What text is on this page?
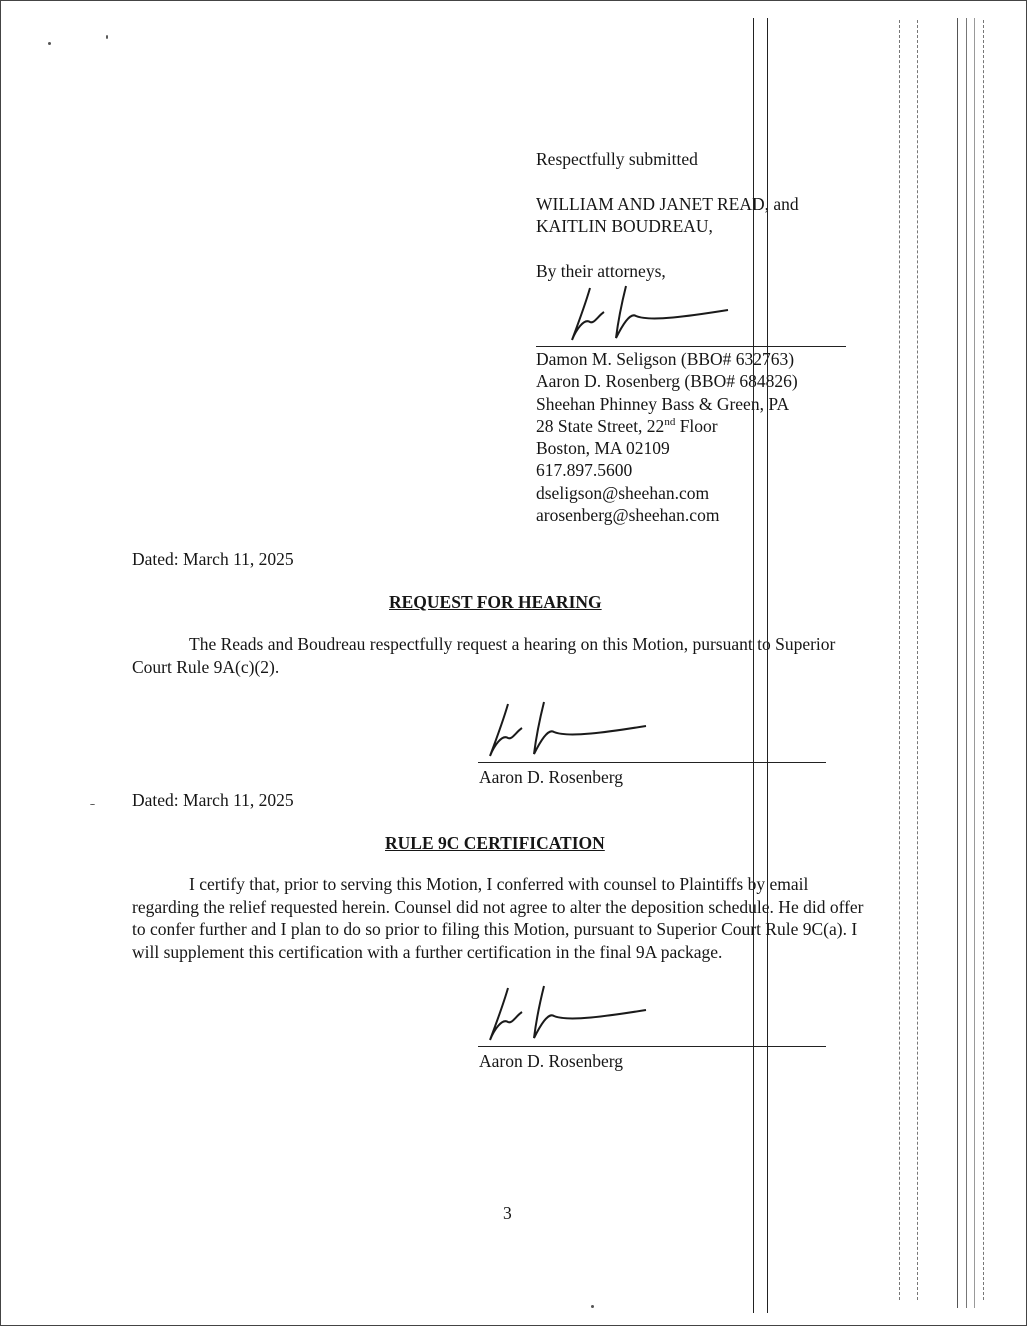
Respectfully submitted
WILLIAM AND JANET READ, and
KAITLIN BOUDREAU,
By their attorneys,
Damon M. Seligson (BBO# 632763)
Aaron D. Rosenberg (BBO# 684826)
Sheehan Phinney Bass & Green, PA
28 State Street, 22nd Floor
Boston, MA 02109
617.897.5600
dseligson@sheehan.com
arosenberg@sheehan.com
Dated: March 11, 2025
REQUEST FOR HEARING
The Reads and Boudreau respectfully request a hearing on this Motion, pursuant to Superior Court Rule 9A(c)(2).
Aaron D. Rosenberg
Dated: March 11, 2025
RULE 9C CERTIFICATION
I certify that, prior to serving this Motion, I conferred with counsel to Plaintiffs by email regarding the relief requested herein. Counsel did not agree to alter the deposition schedule. He did offer to confer further and I plan to do so prior to filing this Motion, pursuant to Superior Court Rule 9C(a). I will supplement this certification with a further certification in the final 9A package.
Aaron D. Rosenberg
3
